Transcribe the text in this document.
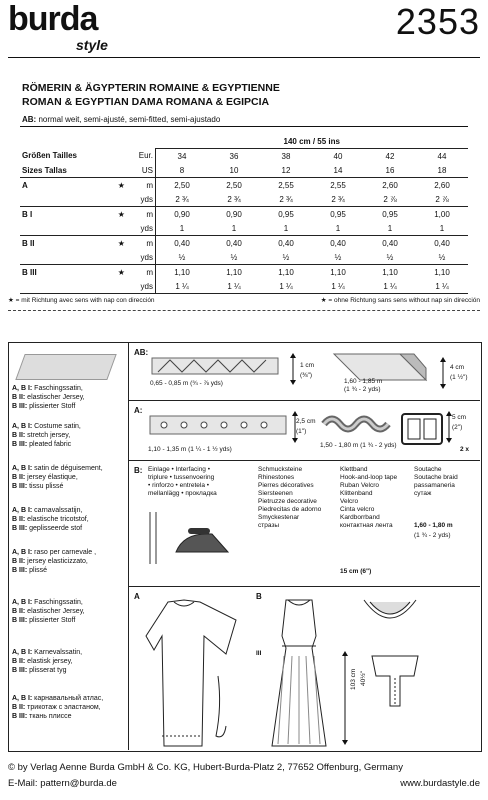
burda
style
2353
RÖMERIN & ÄGYPTERIN ROMAINE & EGYPTIENNE
ROMAN & EGYPTIAN DAMA ROMANA & EGIPCIA
AB: normal weit, semi-ajusté, semi-fitted, semi-ajustado
			140 cm / 55 ins					
Größen Tailles		Eur.	34	36	38	40	42	44
Sizes Tallas		US	8	10	12	14	16	18
A	★	m	2,50	2,50	2,55	2,55	2,60	2,60
		yds	2 ¾	2 ¾	2 ¾	2 ¾	2 ⅞	2 ⅞
B I	★	m	0,90	0,90	0,95	0,95	0,95	1,00
		yds	1	1	1	1	1	1
B II	★	m	0,40	0,40	0,40	0,40	0,40	0,40
		yds	½	½	½	½	½	½
B III	★	m	1,10	1,10	1,10	1,10	1,10	1,10
		yds	1 ¼	1 ¼	1 ¼	1 ¼	1 ¼	1 ¼
★ = mit Richtung avec sens with nap con dirección	★ = ohne Richtung sans sens without nap sin dirección
A, B I: Faschingssatin,
B II: elastischer Jersey,
B III: plissierter Stoff
A, B I: Costume satin,
B II: stretch jersey,
B III: pleated fabric
A, B I: satin de déguisement,
B II: jersey élastique,
B III: tissu plissé
A, B I: carnavalssatijn,
B II: elastische tricotstof,
B III: geplisseerde stof
A, B I: raso per carnevale ,
B II: jersey elasticizzato,
B III: plissé
A, B I: Faschingssatin,
B II: elastischer Jersey,
B III: plissierter Stoff
A, B I: Karnevalssatin,
B II: elastisk jersey,
B III: plisserat tyg
A, B I: карнавальный атлас,
B II: трикотаж с эластаном,
B III: ткань плиссе
AB:
0,65 - 0,85 m (¾ - ⅞ yds)
1 cm
(⅜")
1,60 - 1,85 m
(1 ¾ - 2 yds)
4 cm
(1 ½")
A:
1,10 - 1,35 m (1 ¼ - 1 ½ yds)
2,5 cm
(1")
1,50 - 1,80 m (1 ¾ - 2 yds)
5 cm
(2")
2 x
B: Einlage • Interfacing •
triplure • tussenvoering
• rinforzo • entretela •
mellanlägg • прокладка
Schmucksteine
Rhinestones
Pierres décoratives
Siersteenen
Pietruzze decorative
Piedrecitas de adorno
Smyckestenar
стразы
Klettband
Hook-and-loop tape
Ruban Velcro
Klittenband
Velcro
Cinta velcro
Kardborrband
контактная лента
15 cm (6")
Soutache
Soutache braid
passamaneria
сутаж
1,60 - 1,80 m
(1 ¾ - 2 yds)
A	B
III
103 cm 40½"
© by Verlag Aenne Burda GmbH & Co. KG, Hubert-Burda-Platz 2, 77652 Offenburg, Germany
E-Mail: pattern@burda.de	www.burdastyle.de
